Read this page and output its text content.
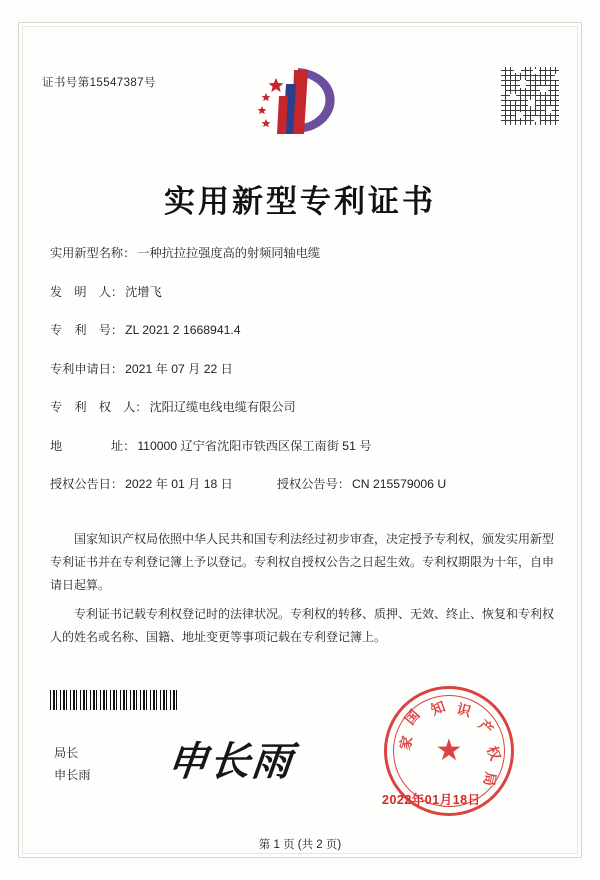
证书号第15547387号
实用新型专利证书
实用新型名称： 一种抗拉拉强度高的射频同轴电缆
发　明　人： 沈增飞
专　利　号： ZL 2021 2 1668941.4
专利申请日： 2021 年 07 月 22 日
专　利　权　人： 沈阳辽缆电线电缆有限公司
地　　　　址： 110000 辽宁省沈阳市铁西区保工南街 51 号
授权公告日： 2022 年 01 月 18 日	授权公告号： CN 215579006 U

国家知识产权局依照中华人民共和国专利法经过初步审查，决定授予专利权，颁发实用新型专利证书并在专利登记簿上予以登记。专利权自授权公告之日起生效。专利权期限为十年，自申请日起算。

专利证书记载专利权登记时的法律状况。专利权的转移、质押、无效、终止、恢复和专利权人的姓名或名称、国籍、地址变更等事项记载在专利登记簿上。

局长
申长雨 申长雨	★
国
家
知 识
产
权
局
2022年01月18日
第 1 页 (共 2 页)
